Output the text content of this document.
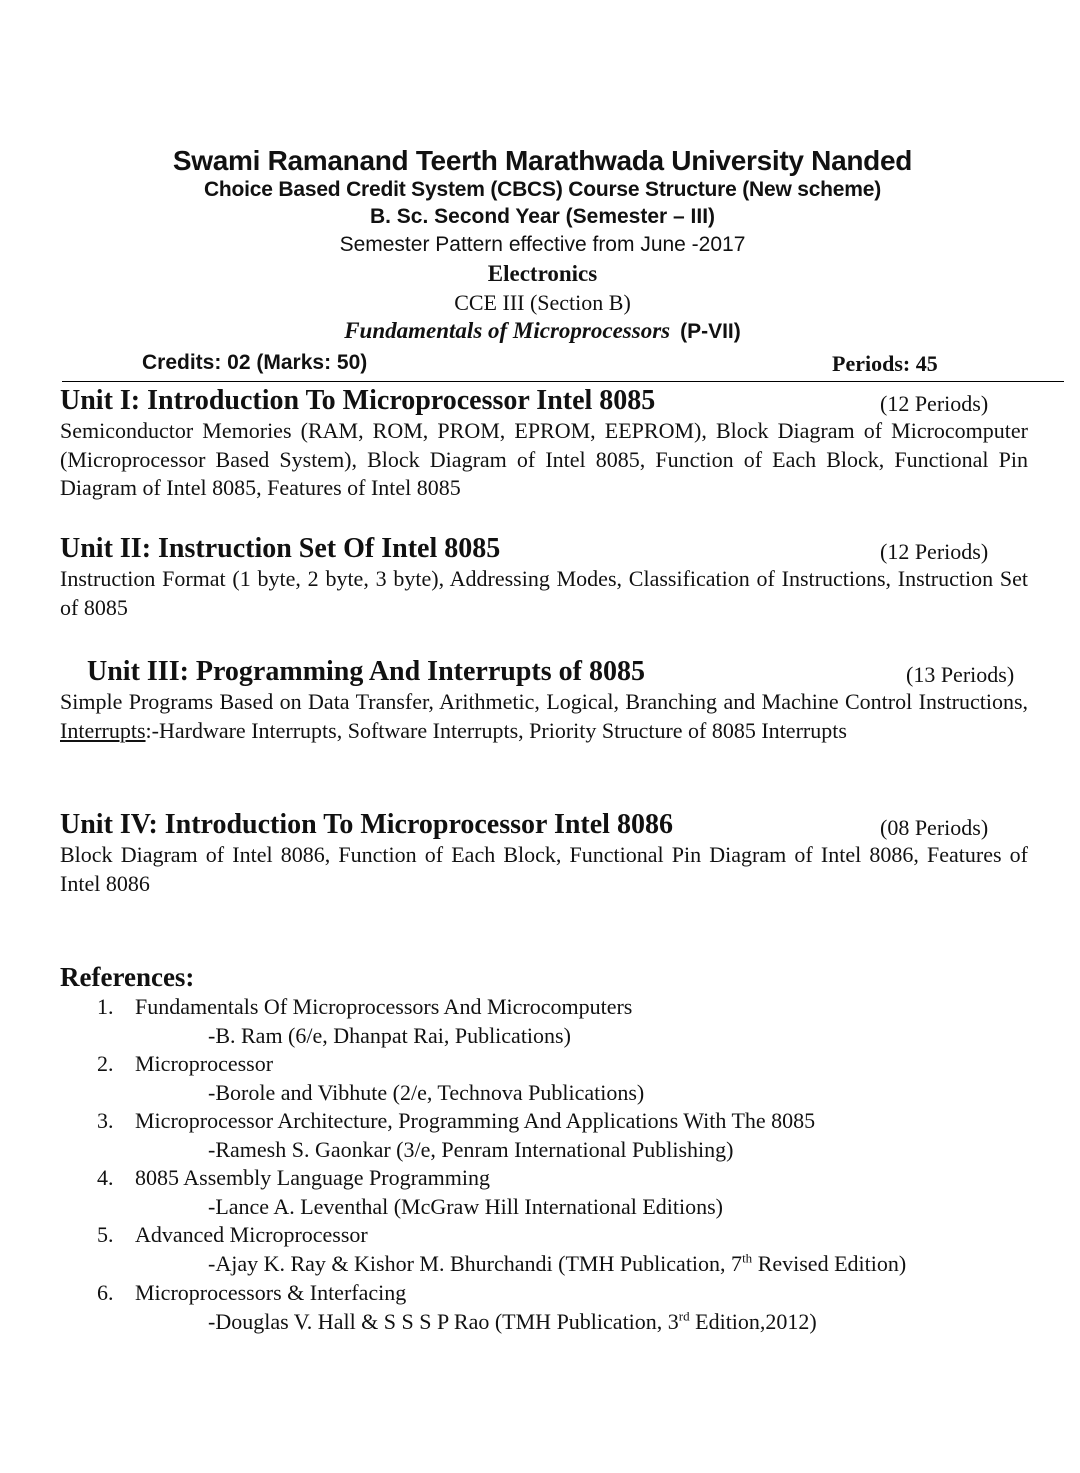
Swami Ramanand Teerth Marathwada University Nanded
Choice Based Credit System (CBCS) Course Structure (New scheme)
B. Sc. Second Year (Semester – III)
Semester Pattern effective from June -2017
Electronics
CCE III (Section B)
Fundamentals of Microprocessors (P-VII)
Credits: 02 (Marks: 50)	Periods: 45
Unit I: Introduction To Microprocessor Intel 8085	(12 Periods)
Semiconductor Memories (RAM, ROM, PROM, EPROM, EEPROM), Block Diagram of Microcomputer (Microprocessor Based System), Block Diagram of Intel 8085, Function of Each Block, Functional Pin Diagram of Intel 8085, Features of Intel 8085
Unit II: Instruction Set Of Intel 8085	(12 Periods)
Instruction Format (1 byte, 2 byte, 3 byte), Addressing Modes, Classification of Instructions, Instruction Set of 8085
Unit III: Programming And Interrupts of 8085	(13 Periods)
Simple Programs Based on Data Transfer, Arithmetic, Logical, Branching and Machine Control Instructions, Interrupts:-Hardware Interrupts, Software Interrupts, Priority Structure of 8085 Interrupts
Unit IV: Introduction To Microprocessor Intel 8086	(08 Periods)
Block Diagram of Intel 8086, Function of Each Block, Functional Pin Diagram of Intel 8086, Features of Intel 8086
References:
1. Fundamentals Of Microprocessors And Microcomputers
-B. Ram (6/e, Dhanpat Rai, Publications)
2. Microprocessor
-Borole and Vibhute (2/e, Technova Publications)
3. Microprocessor Architecture, Programming And Applications With The 8085
-Ramesh S. Gaonkar (3/e, Penram International Publishing)
4. 8085 Assembly Language Programming
-Lance A. Leventhal (McGraw Hill International Editions)
5. Advanced Microprocessor
-Ajay K. Ray & Kishor M. Bhurchandi (TMH Publication, 7th Revised Edition)
6. Microprocessors & Interfacing
-Douglas V. Hall & S S S P Rao (TMH Publication, 3rd Edition,2012)
